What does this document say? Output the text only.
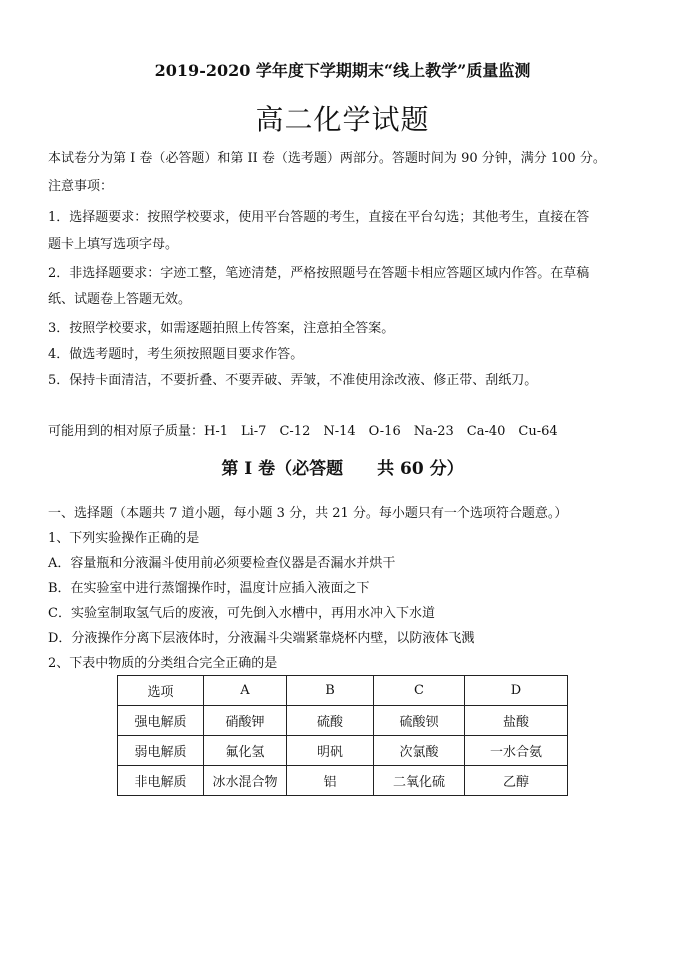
2019-2020 学年度下学期期末“线上教学”质量监测
高二化学试题
本试卷分为第 I 卷（必答题）和第 II 卷（选考题）两部分。答题时间为 90 分钟，满分 100 分。
注意事项：
1．选择题要求：按照学校要求，使用平台答题的考生，直接在平台勾选；其他考生，直接在答
题卡上填写选项字母。
2．非选择题要求：字迹工整，笔迹清楚，严格按照题号在答题卡相应答题区域内作答。在草稿
纸、试题卷上答题无效。
3．按照学校要求，如需逐题拍照上传答案，注意拍全答案。
4．做选考题时，考生须按照题目要求作答。
5．保持卡面清洁，不要折叠、不要弄破、弄皱，不准使用涂改液、修正带、刮纸刀。
可能用到的相对原子质量：H-1　Li-7　C-12　N-14　O-16　Na-23　Ca-40　Cu-64
第 I 卷（必答题　　共 60 分）
一、选择题（本题共 7 道小题，每小题 3 分，共 21 分。每小题只有一个选项符合题意。）
1、下列实验操作正确的是
A．容量瓶和分液漏斗使用前必须要检查仪器是否漏水并烘干
B．在实验室中进行蒸馏操作时，温度计应插入液面之下
C．实验室制取氢气后的废液，可先倒入水槽中，再用水冲入下水道
D．分液操作分离下层液体时，分液漏斗尖端紧靠烧杯内壁，以防液体飞溅
2、下表中物质的分类组合完全正确的是
选项	A	B	C	D
强电解质	硝酸钾	硫酸	硫酸钡	盐酸
弱电解质	氟化氢	明矾	次氯酸	一水合氨
非电解质	冰水混合物	铝	二氧化硫	乙醇
